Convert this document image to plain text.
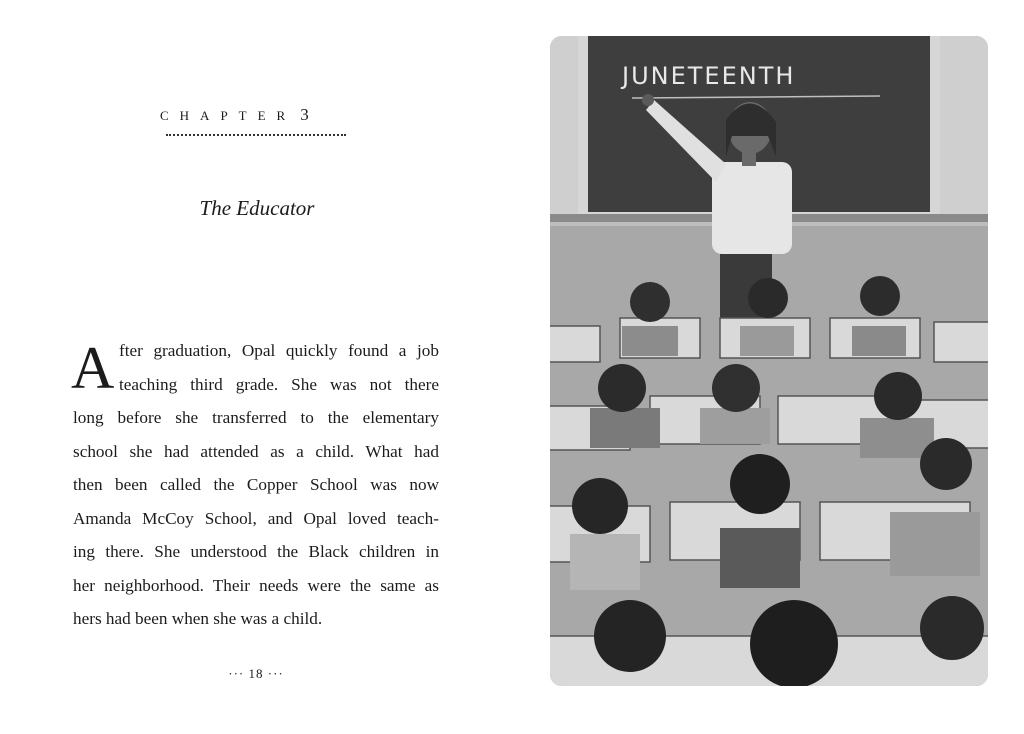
CHAPTER 3
The Educator
A fter graduation, Opal quickly found a job
teaching third grade. She was not there
long before she transferred to the elementary
school she had attended as a child. What had
then been called the Copper School was now
Amanda McCoy School, and Opal loved teach-
ing there. She understood the Black children in
her neighborhood. Their needs were the same as
hers had been when she was a child.
··· 18 ···
JUNETEENTH
